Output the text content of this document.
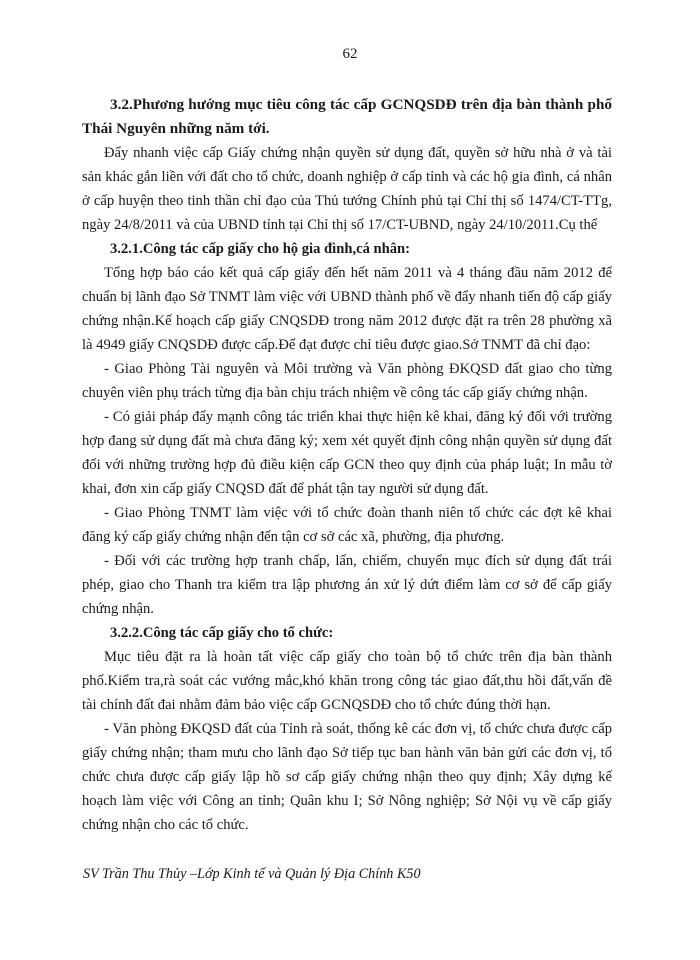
62

3.2.Phương hướng mục tiêu công tác cấp GCNQSDĐ trên địa bàn thành phố Thái Nguyên những năm tới.

Đẩy nhanh việc cấp Giấy chứng nhận quyền sử dụng đất, quyền sở hữu nhà ở và tài sản khác gắn liền với đất cho tổ chức, doanh nghiệp ở cấp tỉnh và các hộ gia đình, cá nhân ở cấp huyện theo tinh thần chỉ đạo của Thủ tướng Chính phủ tại Chỉ thị số 1474/CT-TTg, ngày 24/8/2011 và của UBND tỉnh tại Chỉ thị số 17/CT-UBND, ngày 24/10/2011.Cụ thể

3.2.1.Công tác cấp giấy cho hộ gia đình,cá nhân:

Tổng hợp báo cáo kết quả cấp giấy đến hết năm 2011 và 4 tháng đầu năm 2012 để chuẩn bị lãnh đạo Sở TNMT làm việc với UBND thành phố về đẩy nhanh tiến độ cấp giấy chứng nhận.Kế hoạch cấp giấy CNQSDĐ trong năm 2012 được đặt ra trên 28 phường xã là 4949 giấy CNQSDĐ được cấp.Để đạt được chỉ tiêu được giao.Sở TNMT đã chỉ đạo:

- Giao Phòng Tài nguyên và Môi trường và Văn phòng ĐKQSD đất giao cho từng chuyên viên phụ trách từng địa bàn chịu trách nhiệm về công tác cấp giấy chứng nhận.

- Có giải pháp đẩy mạnh công tác triển khai thực hiện kê khai, đăng ký đối với trường hợp đang sử dụng đất mà chưa đăng ký; xem xét quyết định công nhận quyền sử dụng đất đối với những trường hợp đủ điều kiện cấp GCN theo quy định của pháp luật; In mẫu tờ khai, đơn xin cấp giấy CNQSD đất để phát tận tay người sử dụng đất.

- Giao Phòng TNMT làm việc với tổ chức đoàn thanh niên tổ chức các đợt kê khai đăng ký cấp giấy chứng nhận đến tận cơ sở các xã, phường, địa phương.

- Đối với các trường hợp tranh chấp, lấn, chiếm, chuyển mục đích sử dụng đất trái phép, giao cho Thanh tra kiểm tra lập phương án xử lý dứt điểm làm cơ sở để cấp giấy chứng nhận.

3.2.2.Công tác cấp giấy cho tổ chức:

Mục tiêu đặt ra là hoàn tất việc cấp giấy cho toàn bộ tổ chức trên địa bàn thành phố.Kiểm tra,rà soát các vướng mắc,khó khăn trong công tác giao đất,thu hồi đất,vấn đề tài chính đất đai nhằm đảm bảo việc cấp GCNQSDĐ cho tổ chức đúng thời hạn.

- Văn phòng ĐKQSD đất của Tỉnh rà soát, thống kê các đơn vị, tổ chức chưa được cấp giấy chứng nhận; tham mưu cho lãnh đạo Sở tiếp tục ban hành văn bản gửi các đơn vị, tổ chức chưa được cấp giấy lập hồ sơ cấp giấy chứng nhận theo quy định; Xây dựng kế hoạch làm việc với Công an tỉnh; Quân khu I; Sở Nông nghiệp; Sở Nội vụ về cấp giấy chứng nhận cho các tổ chức.

SV Trần Thu Thủy –Lớp Kinh tế và Quản lý Địa Chính K50
